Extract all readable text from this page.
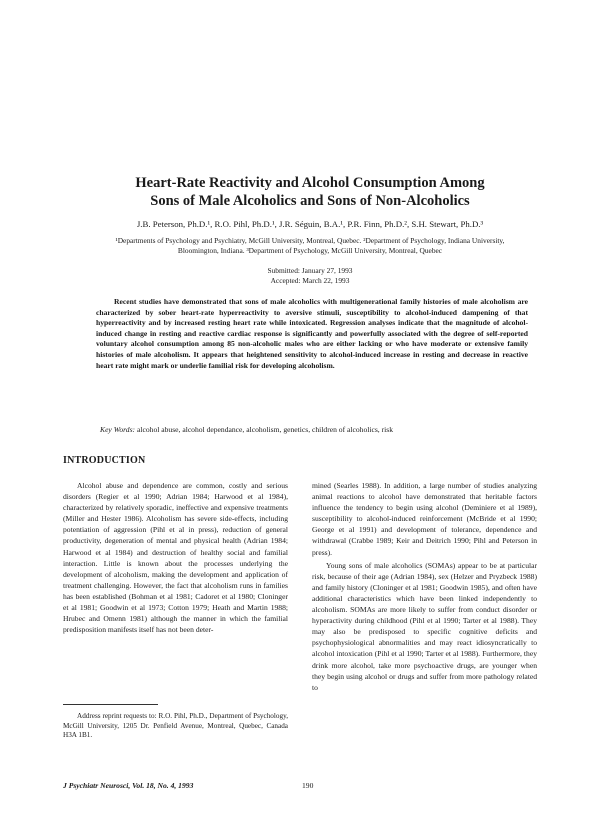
Heart-Rate Reactivity and Alcohol Consumption Among
Sons of Male Alcoholics and Sons of Non-Alcoholics
J.B. Peterson, Ph.D.¹, R.O. Pihl, Ph.D.¹, J.R. Séguin, B.A.¹, P.R. Finn, Ph.D.², S.H. Stewart, Ph.D.³
¹Departments of Psychology and Psychiatry, McGill University, Montreal, Quebec. ²Department of Psychology, Indiana University, Bloomington, Indiana. ³Department of Psychology, McGill University, Montreal, Quebec
Submitted: January 27, 1993
Accepted: March 22, 1993

Recent studies have demonstrated that sons of male alcoholics with multigenerational family histories of male alcoholism are characterized by sober heart-rate hyperreactivity to aversive stimuli, susceptibility to alcohol-induced dampening of that hyperreactivity and by increased resting heart rate while intoxicated. Regression analyses indicate that the magnitude of alcohol-induced change in resting and reactive cardiac response is significantly and powerfully associated with the degree of self-reported voluntary alcohol consumption among 85 non-alcoholic males who are either lacking or who have moderate or extensive family histories of male alcoholism. It appears that heightened sensitivity to alcohol-induced increase in resting and decrease in reactive heart rate might mark or underlie familial risk for developing alcoholism.

Key Words: alcohol abuse, alcohol dependance, alcoholism, genetics, children of alcoholics, risk
INTRODUCTION

Alcohol abuse and dependence are common, costly and serious disorders (Regier et al 1990; Adrian 1984; Harwood et al 1984), characterized by relatively sporadic, ineffective and expensive treatments (Miller and Hester 1986). Alcoholism has severe side-effects, including potentiation of aggression (Pihl et al in press), reduction of general productivity, degeneration of mental and physical health (Adrian 1984; Harwood et al 1984) and destruction of healthy social and familial interaction. Little is known about the processes underlying the development of alcoholism, making the development and application of treatment challenging. However, the fact that alcoholism runs in families has been established (Bohman et al 1981; Cadoret et al 1980; Cloninger et al 1981; Goodwin et al 1973; Cotton 1979; Heath and Martin 1988; Hrubec and Omenn 1981) although the manner in which the familial predisposition manifests itself has not been deter-

mined (Searles 1988). In addition, a large number of studies analyzing animal reactions to alcohol have demonstrated that heritable factors influence the tendency to begin using alcohol (Deminiere et al 1989), susceptibility to alcohol-induced reinforcement (McBride et al 1990; George et al 1991) and development of tolerance, dependence and withdrawal (Crabbe 1989; Keir and Deitrich 1990; Pihl and Peterson in press).

Young sons of male alcoholics (SOMAs) appear to be at particular risk, because of their age (Adrian 1984), sex (Helzer and Pryzbeck 1988) and family history (Cloninger et al 1981; Goodwin 1985), and often have additional characteristics which have been linked independently to alcoholism. SOMAs are more likely to suffer from conduct disorder or hyperactivity during childhood (Pihl et al 1990; Tarter et al 1988). They may also be predisposed to specific cognitive deficits and psychophysiological abnormalities and may react idiosyncratically to alcohol intoxication (Pihl et al 1990; Tarter et al 1988). Furthermore, they drink more alcohol, take more psychoactive drugs, are younger when they begin using alcohol or drugs and suffer from more pathology related to

Address reprint requests to: R.O. Pihl, Ph.D., Department of Psychology, McGill University, 1205 Dr. Penfield Avenue, Montreal, Quebec, Canada H3A 1B1.
J Psychiatr Neurosci, Vol. 18, No. 4, 1993	190
